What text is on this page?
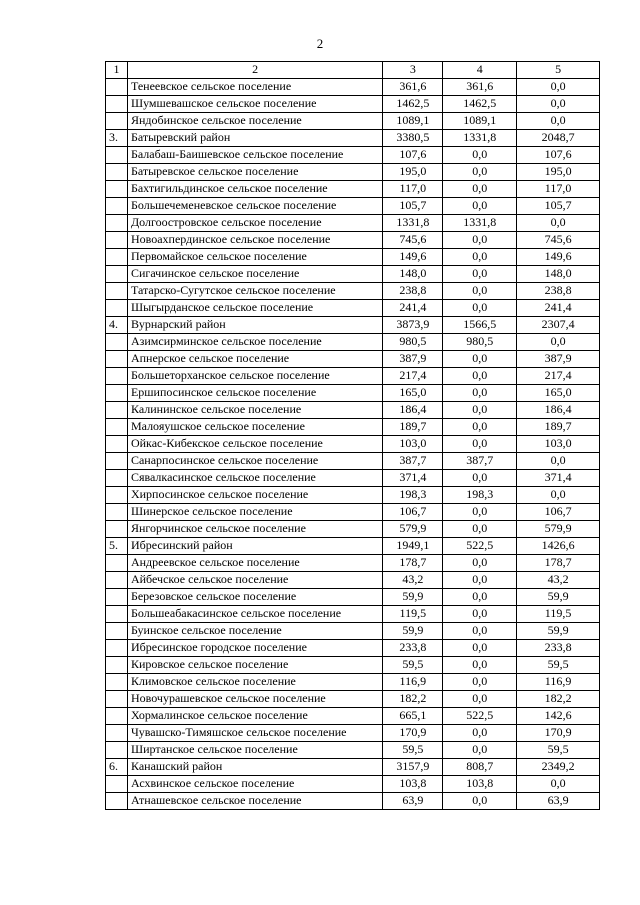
2
1	2	3	4	5
	Тенеевское сельское поселение	361,6	361,6	0,0
	Шумшевашское сельское поселение	1462,5	1462,5	0,0
	Яндобинское сельское поселение	1089,1	1089,1	0,0
3.	Батыревский район	3380,5	1331,8	2048,7
	Балабаш-Баишевское сельское поселение	107,6	0,0	107,6
	Батыревское сельское поселение	195,0	0,0	195,0
	Бахтигильдинское сельское поселение	117,0	0,0	117,0
	Большечеменевское сельское поселение	105,7	0,0	105,7
	Долгоостровское сельское поселение	1331,8	1331,8	0,0
	Новоахпердинское сельское поселение	745,6	0,0	745,6
	Первомайское сельское поселение	149,6	0,0	149,6
	Сигачинское сельское поселение	148,0	0,0	148,0
	Татарско-Сугутское сельское поселение	238,8	0,0	238,8
	Шыгырданское сельское поселение	241,4	0,0	241,4
4.	Вурнарский район	3873,9	1566,5	2307,4
	Азимсирминское сельское поселение	980,5	980,5	0,0
	Апнерское сельское поселение	387,9	0,0	387,9
	Большеторханское сельское поселение	217,4	0,0	217,4
	Ершипосинское сельское поселение	165,0	0,0	165,0
	Калининское сельское поселение	186,4	0,0	186,4
	Малояушское сельское поселение	189,7	0,0	189,7
	Ойкас-Кибекское сельское поселение	103,0	0,0	103,0
	Санарпосинское сельское поселение	387,7	387,7	0,0
	Сявалкасинское сельское поселение	371,4	0,0	371,4
	Хирпосинское сельское поселение	198,3	198,3	0,0
	Шинерское сельское поселение	106,7	0,0	106,7
	Янгорчинское сельское поселение	579,9	0,0	579,9
5.	Ибресинский район	1949,1	522,5	1426,6
	Андреевское сельское поселение	178,7	0,0	178,7
	Айбечское сельское поселение	43,2	0,0	43,2
	Березовское сельское поселение	59,9	0,0	59,9
	Большеабакасинское сельское поселение	119,5	0,0	119,5
	Буинское сельское поселение	59,9	0,0	59,9
	Ибресинское городское поселение	233,8	0,0	233,8
	Кировское сельское поселение	59,5	0,0	59,5
	Климовское сельское поселение	116,9	0,0	116,9
	Новочурашевское сельское поселение	182,2	0,0	182,2
	Хормалинское сельское поселение	665,1	522,5	142,6
	Чувашско-Тимяшское сельское поселение	170,9	0,0	170,9
	Ширтанское сельское поселение	59,5	0,0	59,5
6.	Канашский район	3157,9	808,7	2349,2
	Асхвинское сельское поселение	103,8	103,8	0,0
	Атнашевское сельское поселение	63,9	0,0	63,9
